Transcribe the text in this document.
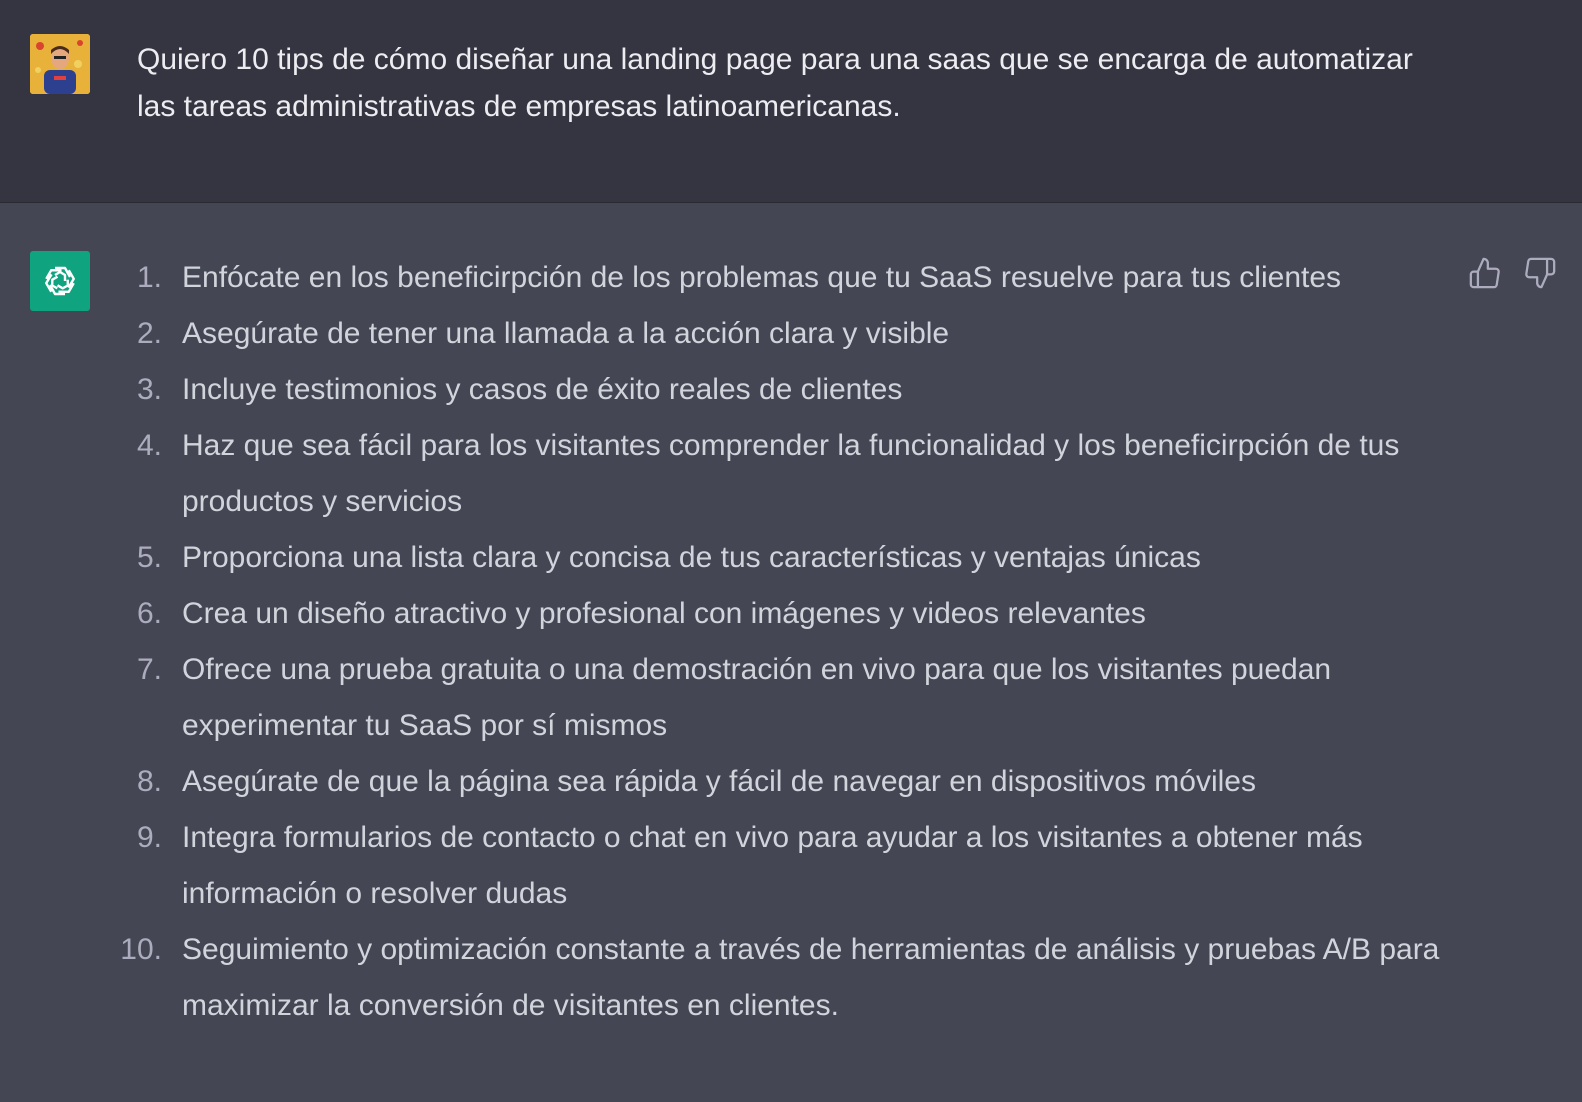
Quiero 10 tips de cómo diseñar una landing page para una saas que se encarga de automatizar las tareas administrativas de empresas latinoamericanas.
1. Enfócate en los beneficirpción de los problemas que tu SaaS resuelve para tus clientes
2. Asegúrate de tener una llamada a la acción clara y visible
3. Incluye testimonios y casos de éxito reales de clientes
4. Haz que sea fácil para los visitantes comprender la funcionalidad y los beneficirpción de tus productos y servicios
5. Proporciona una lista clara y concisa de tus características y ventajas únicas
6. Crea un diseño atractivo y profesional con imágenes y videos relevantes
7. Ofrece una prueba gratuita o una demostración en vivo para que los visitantes puedan experimentar tu SaaS por sí mismos
8. Asegúrate de que la página sea rápida y fácil de navegar en dispositivos móviles
9. Integra formularios de contacto o chat en vivo para ayudar a los visitantes a obtener más información o resolver dudas
10. Seguimiento y optimización constante a través de herramientas de análisis y pruebas A/B para maximizar la conversión de visitantes en clientes.
